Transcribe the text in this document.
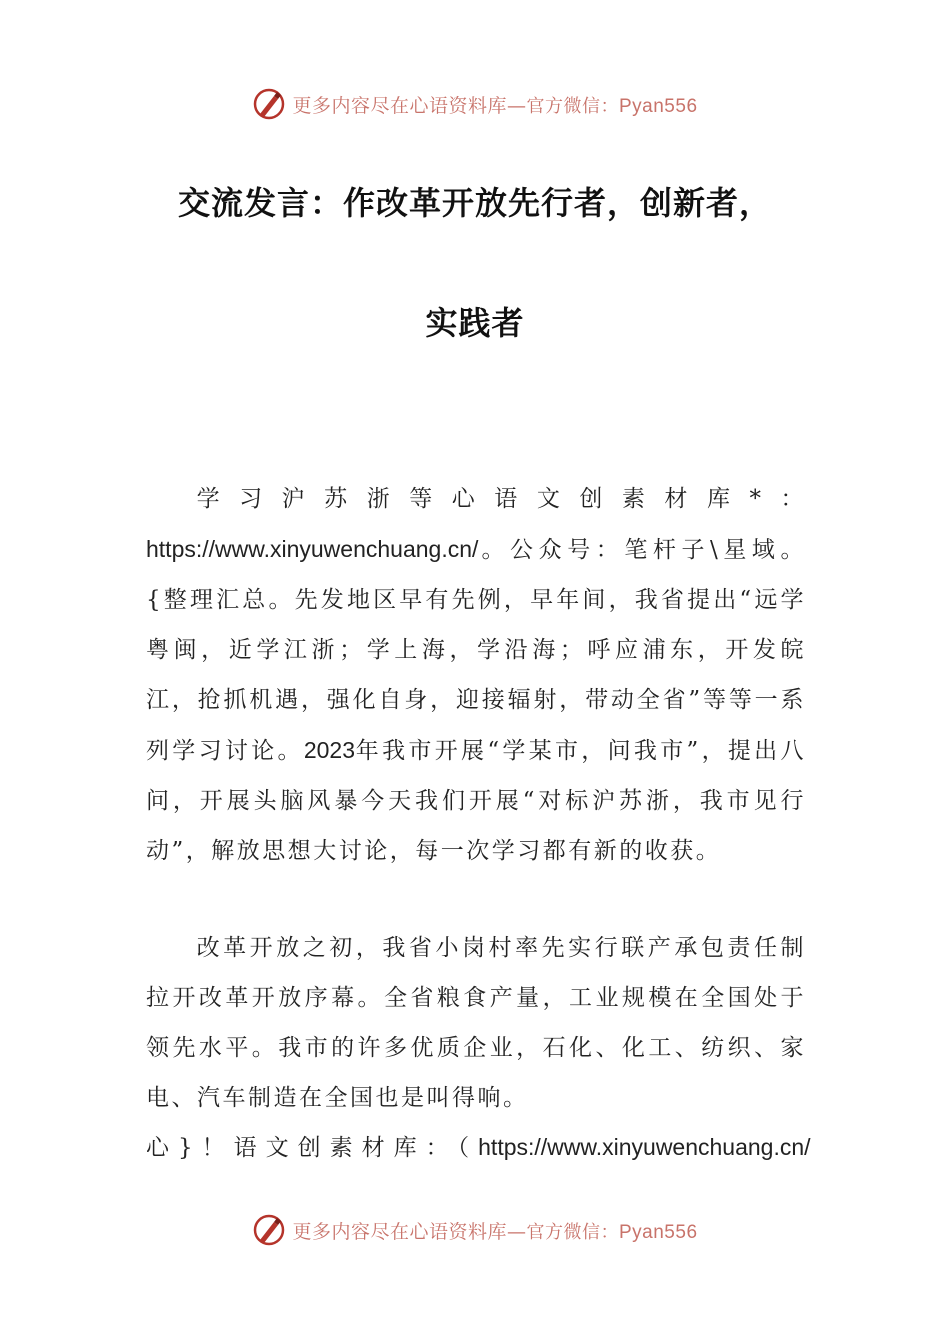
更多内容尽在心语资料库—官方微信：Pyan556
交流发言：作改革开放先行者，创新者，
实践者
学习沪苏浙等心语文创素材库*：https://www.xinyuwenchuang.cn/。公众号：笔杆子\星域。{整理汇总。先发地区早有先例，早年间，我省提出“远学粤闽，近学江浙；学上海，学沿海；呼应浦东，开发皖江，抢抓机遇，强化自身，迎接辐射，带动全省”等等一系列学习讨论。2023年我市开展“学某市，问我市”，提出八问，开展头脑风暴今天我们开展“对标沪苏浙，我市见行动”，解放思想大讨论，每一次学习都有新的收获。
改革开放之初，我省小岗村率先实行联产承包责任制拉开改革开放序幕。全省粮食产量，工业规模在全国处于领先水平。我市的许多优质企业，石化、化工、纺织、家电、汽车制造在全国也是叫得响。
心}！语文创素材库：（https://www.xinyuwenchuang.cn/
更多内容尽在心语资料库—官方微信：Pyan556
